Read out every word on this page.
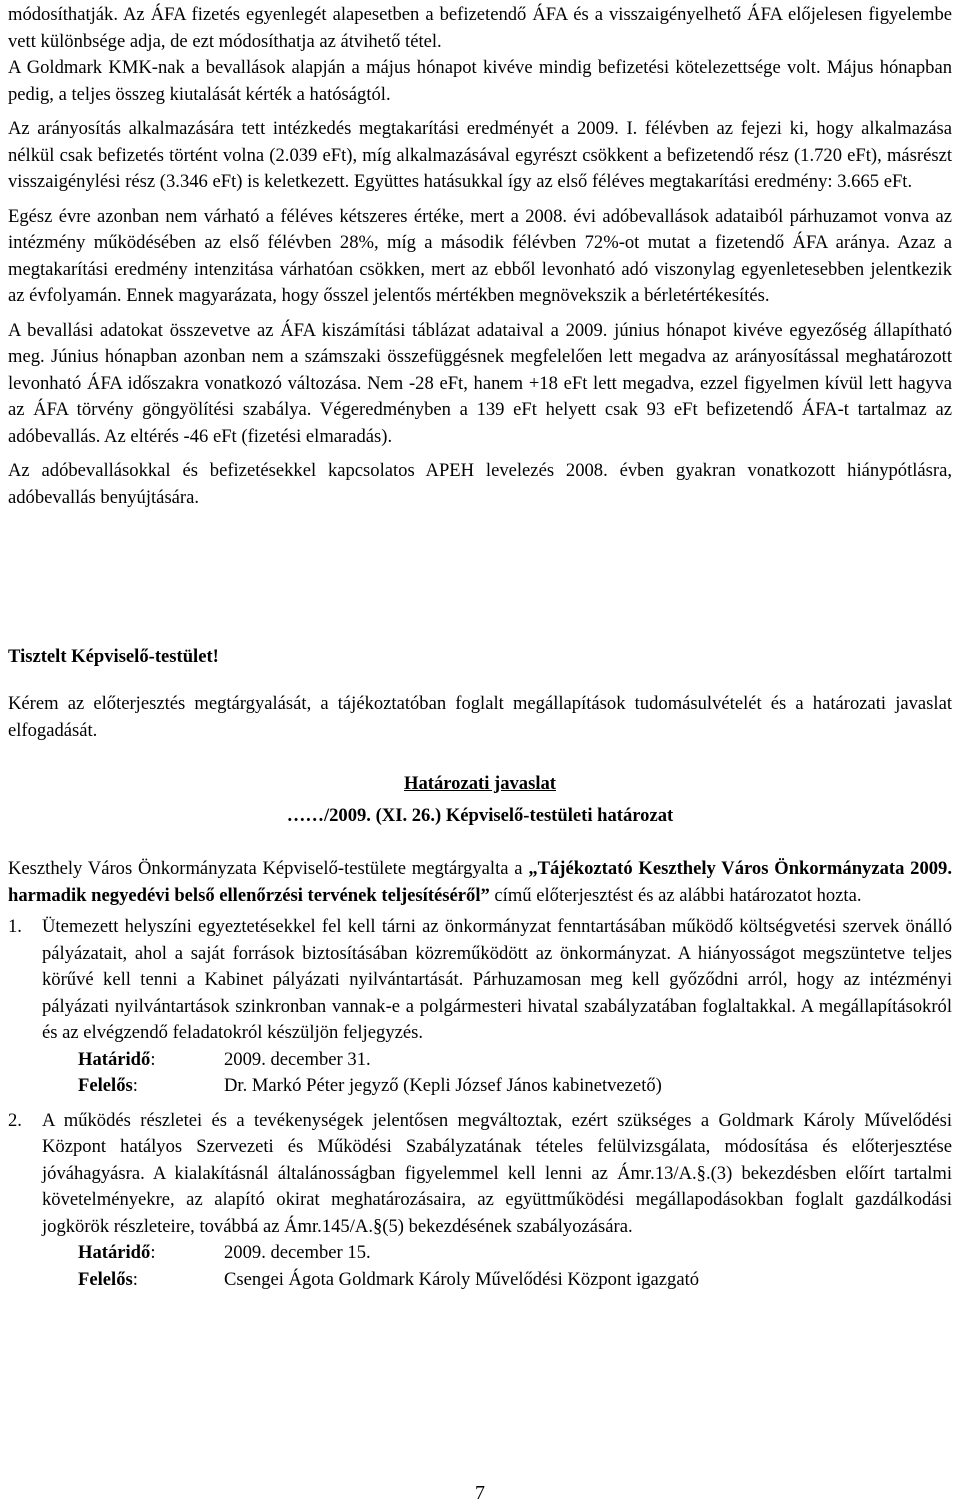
módosíthatják. Az ÁFA fizetés egyenlegét alapesetben a befizetendő ÁFA és a visszaigényelhető ÁFA előjelesen figyelembe vett különbsége adja, de ezt módosíthatja az átvihető tétel.

A Goldmark KMK-nak a bevallások alapján a május hónapot kivéve mindig befizetési kötelezettsége volt. Május hónapban pedig, a teljes összeg kiutalását kérték a hatóságtól.

Az arányosítás alkalmazására tett intézkedés megtakarítási eredményét a 2009. I. félévben az fejezi ki, hogy alkalmazása nélkül csak befizetés történt volna (2.039 eFt), míg alkalmazásával egyrészt csökkent a befizetendő rész (1.720 eFt), másrészt visszaigénylési rész (3.346 eFt) is keletkezett. Együttes hatásukkal így az első féléves megtakarítási eredmény: 3.665 eFt.

Egész évre azonban nem várható a féléves kétszeres értéke, mert a 2008. évi adóbevallások adataiból párhuzamot vonva az intézmény működésében az első félévben 28%, míg a második félévben 72%-ot mutat a fizetendő ÁFA aránya. Azaz a megtakarítási eredmény intenzitása várhatóan csökken, mert az ebből levonható adó viszonylag egyenletesebben jelentkezik az évfolyamán. Ennek magyarázata, hogy ősszel jelentős mértékben megnövekszik a bérletértékesítés.

A bevallási adatokat összevetve az ÁFA kiszámítási táblázat adataival a 2009. június hónapot kivéve egyezőség állapítható meg. Június hónapban azonban nem a számszaki összefüggésnek megfelelően lett megadva az arányosítással meghatározott levonható ÁFA időszakra vonatkozó változása. Nem -28 eFt, hanem +18 eFt lett megadva, ezzel figyelmen kívül lett hagyva az ÁFA törvény göngyölítési szabálya. Végeredményben a 139 eFt helyett csak 93 eFt befizetendő ÁFA-t tartalmaz az adóbevallás. Az eltérés -46 eFt (fizetési elmaradás).

Az adóbevallásokkal és befizetésekkel kapcsolatos APEH levelezés 2008. évben gyakran vonatkozott hiánypótlásra, adóbevallás benyújtására.

Tisztelt Képviselő-testület!

Kérem az előterjesztés megtárgyalását, a tájékoztatóban foglalt megállapítások tudomásulvételét és a határozati javaslat elfogadását.

Határozati javaslat
……/2009. (XI. 26.) Képviselő-testületi határozat

Keszthely Város Önkormányzata Képviselő-testülete megtárgyalta a „Tájékoztató Keszthely Város Önkormányzata 2009. harmadik negyedévi belső ellenőrzési tervének teljesítéséről” című előterjesztést és az alábbi határozatot hozta.

1.	Ütemezett helyszíni egyeztetésekkel fel kell tárni az önkormányzat fenntartásában működő költségvetési szervek önálló pályázatait, ahol a saját források biztosításában közreműködött az önkormányzat. A hiányosságot megszüntetve teljes körűvé kell tenni a Kabinet pályázati nyilvántartását. Párhuzamosan meg kell győződni arról, hogy az intézményi pályázati nyilvántartások szinkronban vannak-e a polgármesteri hivatal szabályzatában foglaltakkal. A megállapításokról és az elvégzendő feladatokról készüljön feljegyzés.

Határidő:	2009. december 31.
Felelős:	Dr. Markó Péter jegyző (Kepli József János kabinetvezető)
2.	A működés részletei és a tevékenységek jelentősen megváltoztak, ezért szükséges a Goldmark Károly Művelődési Központ hatályos Szervezeti és Működési Szabályzatának tételes felülvizsgálata, módosítása és előterjesztése jóváhagyásra. A kialakításnál általánosságban figyelemmel kell lenni az Ámr.13/A.§.(3) bekezdésben előírt tartalmi követelményekre, az alapító okirat meghatározásaira, az együttműködési megállapodásokban foglalt gazdálkodási jogkörök részleteire, továbbá az Ámr.145/A.§(5) bekezdésének szabályozására.

Határidő:	2009. december 15.
Felelős:	Csengei Ágota Goldmark Károly Művelődési Központ igazgató
7
